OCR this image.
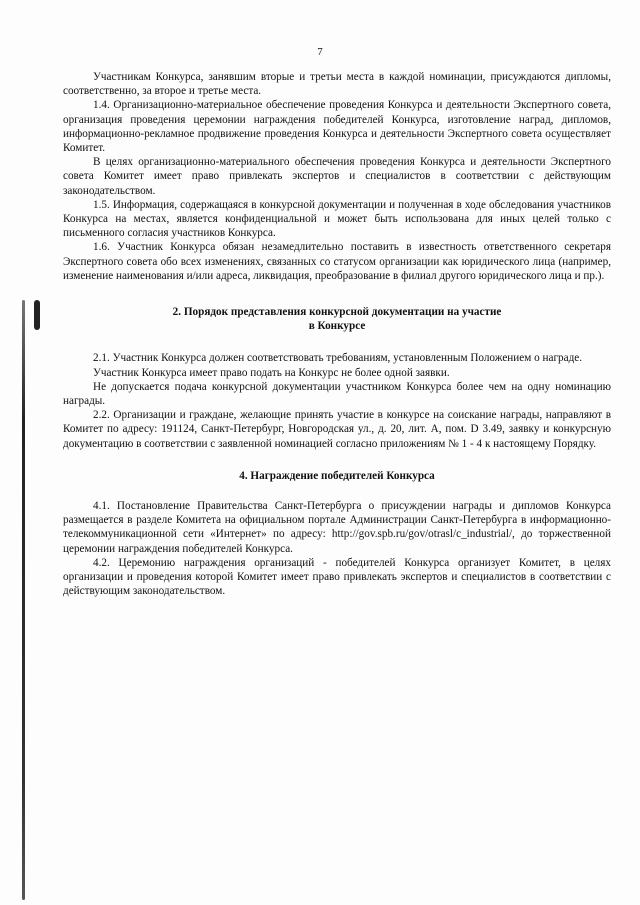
7

Участникам Конкурса, занявшим вторые и третьи места в каждой номинации, присуждаются дипломы, соответственно, за второе и третье места.

1.4. Организационно-материальное обеспечение проведения Конкурса и деятельности Экспертного совета, организация проведения церемонии награждения победителей Конкурса, изготовление наград, дипломов, информационно-рекламное продвижение проведения Конкурса и деятельности Экспертного совета осуществляет Комитет.

В целях организационно-материального обеспечения проведения Конкурса и деятельности Экспертного совета Комитет имеет право привлекать экспертов и специалистов в соответствии с действующим законодательством.

1.5. Информация, содержащаяся в конкурсной документации и полученная в ходе обследования участников Конкурса на местах, является конфиденциальной и может быть использована для иных целей только с письменного согласия участников Конкурса.

1.6. Участник Конкурса обязан незамедлительно поставить в известность ответственного секретаря Экспертного совета обо всех изменениях, связанных со статусом организации как юридического лица (например, изменение наименования и/или адреса, ликвидация, преобразование в филиал другого юридического лица и пр.).

2. Порядок представления конкурсной документации на участие
в Конкурсе

2.1. Участник Конкурса должен соответствовать требованиям, установленным Положением о награде.

Участник Конкурса имеет право подать на Конкурс не более одной заявки.

Не допускается подача конкурсной документации участником Конкурса более чем на одну номинацию награды.

2.2. Организации и граждане, желающие принять участие в конкурсе на соискание награды, направляют в Комитет по адресу: 191124, Санкт-Петербург, Новгородская ул., д. 20, лит. А, пом. D 3.49, заявку и конкурсную документацию в соответствии с заявленной номинацией согласно приложениям № 1 - 4 к настоящему Порядку.

4. Награждение победителей Конкурса

4.1. Постановление Правительства Санкт-Петербурга о присуждении награды и дипломов Конкурса размещается в разделе Комитета на официальном портале Администрации Санкт-Петербурга в информационно-телекоммуникационной сети «Интернет» по адресу: http://gov.spb.ru/gov/otrasl/c_industrial/, до торжественной церемонии награждения победителей Конкурса.

4.2. Церемонию награждения организаций - победителей Конкурса организует Комитет, в целях организации и проведения которой Комитет имеет право привлекать экспертов и специалистов в соответствии с действующим законодательством.
